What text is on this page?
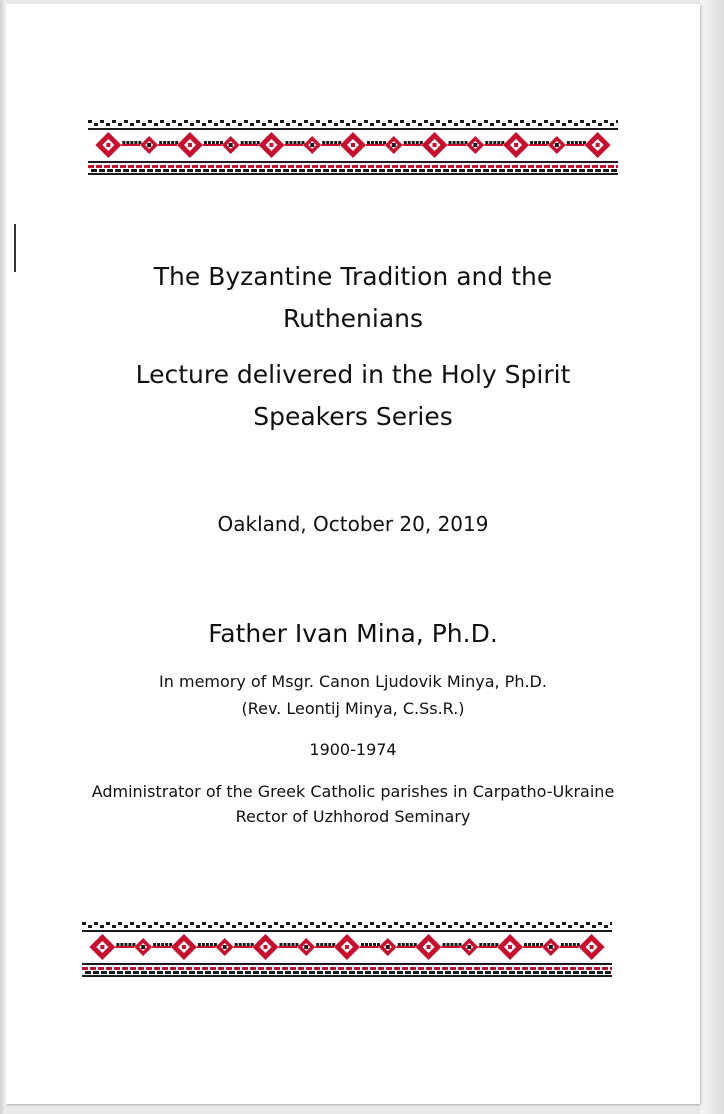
The Byzantine Tradition and the
Ruthenians
Lecture delivered in the Holy Spirit
Speakers Series
Oakland, October 20, 2019
Father Ivan Mina, Ph.D.
In memory of Msgr. Canon Ljudovik Minya, Ph.D.
(Rev. Leontij Minya, C.Ss.R.)
1900-1974
Administrator of the Greek Catholic parishes in Carpatho-Ukraine
Rector of Uzhhorod Seminary
